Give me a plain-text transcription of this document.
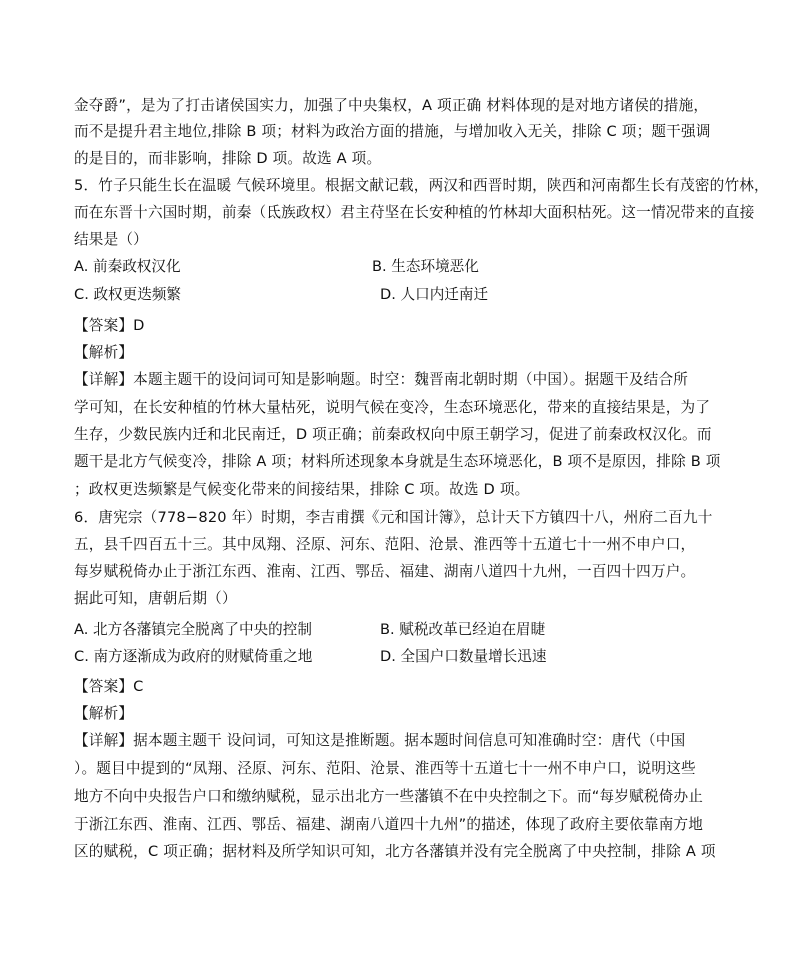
金夺爵”，是为了打击诸侯国实力，加强了中央集权，A 项正确 材料体现的是对地方诸侯的措施，
而不是提升君主地位,排除 B 项；材料为政治方面的措施，与增加收入无关，排除 C 项；题干强调
的是目的，而非影响，排除 D 项。故选 A 项。
5．竹子只能生长在温暖 气候环境里。根据文献记载，两汉和西晋时期，陕西和河南都生长有茂密的竹林，
而在东晋十六国时期，前秦（氐族政权）君主苻坚在长安种植的竹林却大面积枯死。这一情况带来的直接
结果是（）
A. 前秦政权汉化	B. 生态环境恶化
C. 政权更迭频繁	D. 人口内迁南迁
【答案】D
【解析】
【详解】本题主题干的设问词可知是影响题。时空：魏晋南北朝时期（中国）。据题干及结合所
学可知，在长安种植的竹林大量枯死，说明气候在变冷，生态环境恶化，带来的直接结果是，为了
生存，少数民族内迁和北民南迁，D 项正确；前秦政权向中原王朝学习，促进了前秦政权汉化。而
题干是北方气候变冷，排除 A 项；材料所述现象本身就是生态环境恶化，B 项不是原因，排除 B 项
；政权更迭频繁是气候变化带来的间接结果，排除 C 项。故选 D 项。
6．唐宪宗（778−820 年）时期，李吉甫撰《元和国计簿》，总计天下方镇四十八，州府二百九十
五，县千四百五十三。其中凤翔、泾原、河东、范阳、沧景、淮西等十五道七十一州不申户口，
每岁赋税倚办止于浙江东西、淮南、江西、鄂岳、福建、湖南八道四十九州，一百四十四万户。
据此可知，唐朝后期（）
A. 北方各藩镇完全脱离了中央的控制	B. 赋税改革已经迫在眉睫
C. 南方逐渐成为政府的财赋倚重之地	D. 全国户口数量增长迅速
【答案】C
【解析】
【详解】据本题主题干 设问词，可知这是推断题。据本题时间信息可知准确时空：唐代（中国
）。题目中提到的“凤翔、泾原、河东、范阳、沧景、淮西等十五道七十一州不申户口，说明这些
地方不向中央报告户口和缴纳赋税，显示出北方一些藩镇不在中央控制之下。而“每岁赋税倚办止
于浙江东西、淮南、江西、鄂岳、福建、湖南八道四十九州”的描述，体现了政府主要依靠南方地
区的赋税，C 项正确；据材料及所学知识可知，北方各藩镇并没有完全脱离了中央控制，排除 A 项
